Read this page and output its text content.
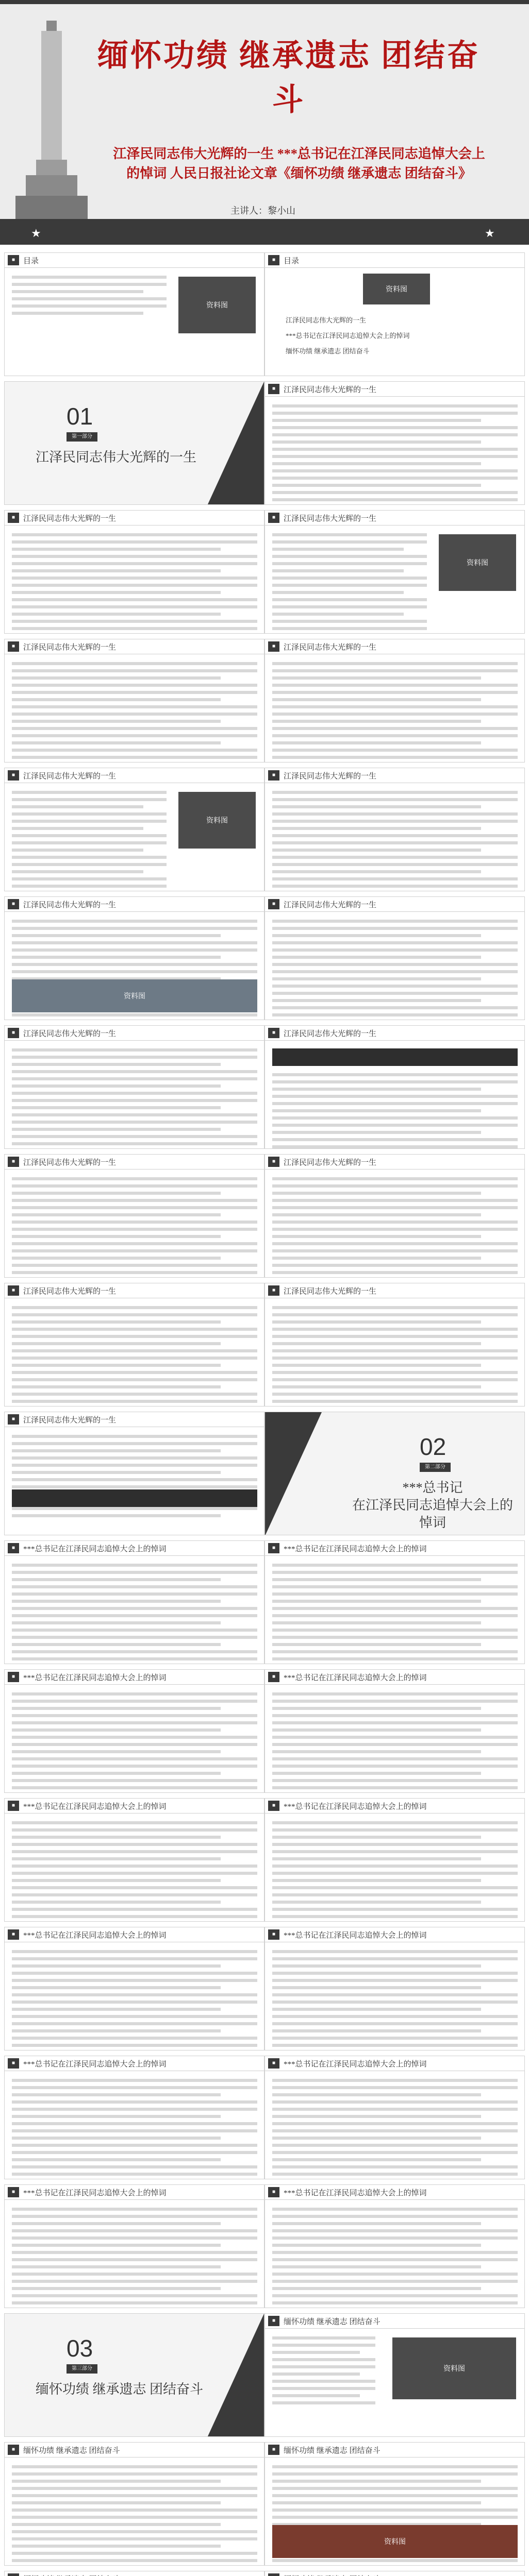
缅怀功绩 继承遗志 团结奋斗
江泽民同志伟大光辉的一生 ***总书记在江泽民同志追悼大会上
的悼词 人民日报社论文章《缅怀功绩 继承遗志 团结奋斗》
主讲人：黎小山
★	★
■	目录
资料图
■	目录
资料图
江泽民同志伟大光辉的一生
***总书记在江泽民同志追悼大会上的悼词
缅怀功绩 继承遗志 团结奋斗
01
第一部分
江泽民同志伟大光辉的一生
■	江泽民同志伟大光辉的一生
■	江泽民同志伟大光辉的一生	■	江泽民同志伟大光辉的一生
资料图
■	江泽民同志伟大光辉的一生	■	江泽民同志伟大光辉的一生
■	江泽民同志伟大光辉的一生
资料图
■	江泽民同志伟大光辉的一生
■	江泽民同志伟大光辉的一生
资料图
■	江泽民同志伟大光辉的一生
■	江泽民同志伟大光辉的一生	■	江泽民同志伟大光辉的一生
■	江泽民同志伟大光辉的一生	■	江泽民同志伟大光辉的一生
■	江泽民同志伟大光辉的一生	■	江泽民同志伟大光辉的一生
■	江泽民同志伟大光辉的一生
02
第二部分
***总书记
在江泽民同志追悼大会上的悼词
■	***总书记在江泽民同志追悼大会上的悼词	■	***总书记在江泽民同志追悼大会上的悼词
■	***总书记在江泽民同志追悼大会上的悼词	■	***总书记在江泽民同志追悼大会上的悼词
■	***总书记在江泽民同志追悼大会上的悼词	■	***总书记在江泽民同志追悼大会上的悼词
■	***总书记在江泽民同志追悼大会上的悼词	■	***总书记在江泽民同志追悼大会上的悼词
■	***总书记在江泽民同志追悼大会上的悼词	■	***总书记在江泽民同志追悼大会上的悼词
■	***总书记在江泽民同志追悼大会上的悼词	■	***总书记在江泽民同志追悼大会上的悼词
03
第三部分
缅怀功绩 继承遗志 团结奋斗
■	缅怀功绩 继承遗志 团结奋斗
资料图
■	缅怀功绩 继承遗志 团结奋斗	■	缅怀功绩 继承遗志 团结奋斗
资料图
